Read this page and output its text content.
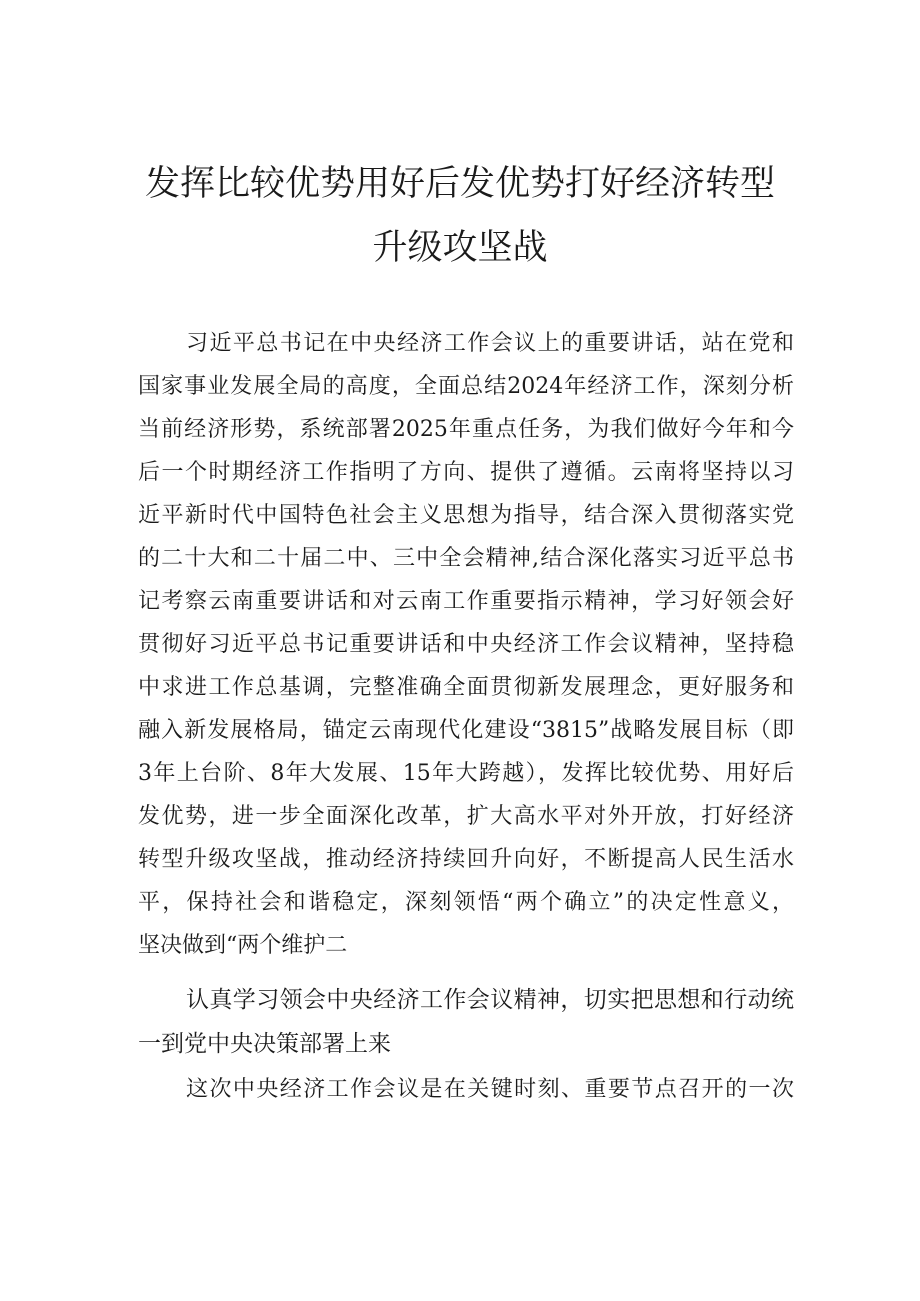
发挥比较优势用好后发优势打好经济转型
升级攻坚战
习近平总书记在中央经济工作会议上的重要讲话，站在党和
国家事业发展全局的高度，全面总结2024年经济工作，深刻分析
当前经济形势，系统部署2025年重点任务，为我们做好今年和今
后一个时期经济工作指明了方向、提供了遵循。云南将坚持以习
近平新时代中国特色社会主义思想为指导，结合深入贯彻落实党
的二十大和二十届二中、三中全会精神,结合深化落实习近平总书
记考察云南重要讲话和对云南工作重要指示精神，学习好领会好
贯彻好习近平总书记重要讲话和中央经济工作会议精神，坚持稳
中求进工作总基调，完整准确全面贯彻新发展理念，更好服务和
融入新发展格局，锚定云南现代化建设“3815”战略发展目标（即
3年上台阶、8年大发展、15年大跨越），发挥比较优势、用好后
发优势，进一步全面深化改革，扩大高水平对外开放，打好经济
转型升级攻坚战，推动经济持续回升向好，不断提高人民生活水
平，保持社会和谐稳定，深刻领悟“两个确立”的决定性意义，
坚决做到“两个维护二
认真学习领会中央经济工作会议精神，切实把思想和行动统
一到党中央决策部署上来
这次中央经济工作会议是在关键时刻、重要节点召开的一次
